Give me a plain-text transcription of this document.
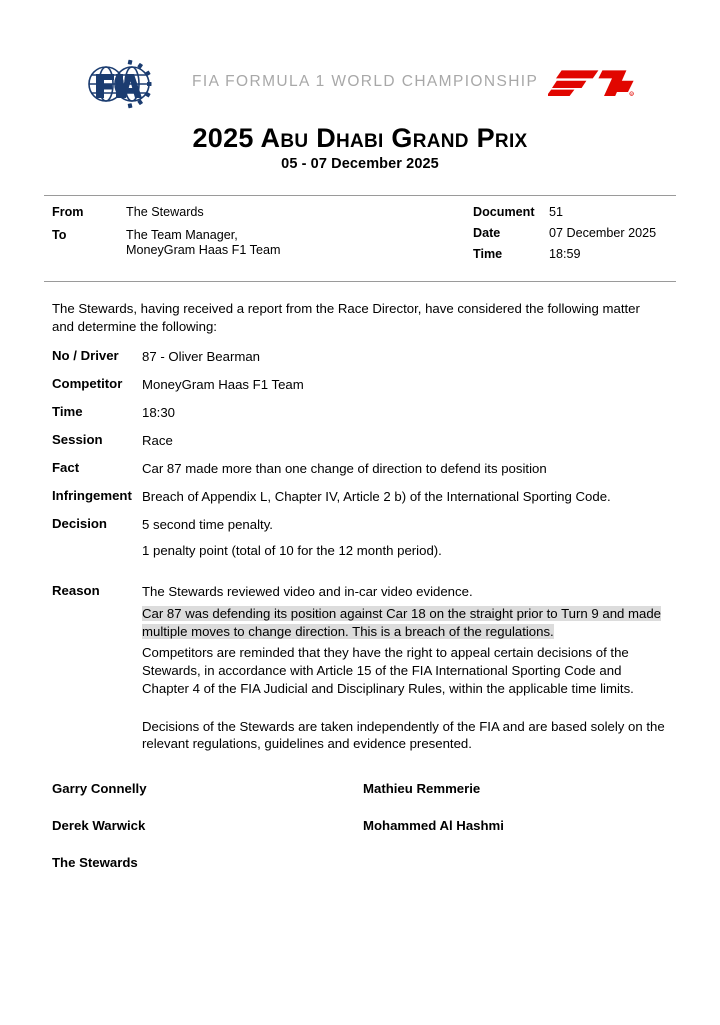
FIA FORMULA 1 WORLD CHAMPIONSHIP
R
2025 Abu Dhabi Grand Prix
05 - 07 December 2025
From	The Stewards
To	The Team Manager,
MoneyGram Haas F1 Team
Document	51
Date	07 December 2025
Time	18:59
The Stewards, having received a report from the Race Director, have considered the following matter and determine the following:
No / Driver	87 - Oliver Bearman
Competitor	MoneyGram Haas F1 Team
Time	18:30
Session	Race
Fact	Car 87 made more than one change of direction to defend its position
Infringement Breach of Appendix L, Chapter IV, Article 2 b) of the International Sporting Code.
Decision	5 second time penalty.
1 penalty point (total of 10 for the 12 month period).
Reason	The Stewards reviewed video and in-car video evidence.
Car 87 was defending its position against Car 18 on the straight prior to Turn 9 and made multiple moves to change direction. This is a breach of the regulations.
Competitors are reminded that they have the right to appeal certain decisions of the Stewards, in accordance with Article 15 of the FIA International Sporting Code and Chapter 4 of the FIA Judicial and Disciplinary Rules, within the applicable time limits.
Decisions of the Stewards are taken independently of the FIA and are based solely on the relevant regulations, guidelines and evidence presented.
Garry Connelly	Mathieu Remmerie
Derek Warwick	Mohammed Al Hashmi
The Stewards
